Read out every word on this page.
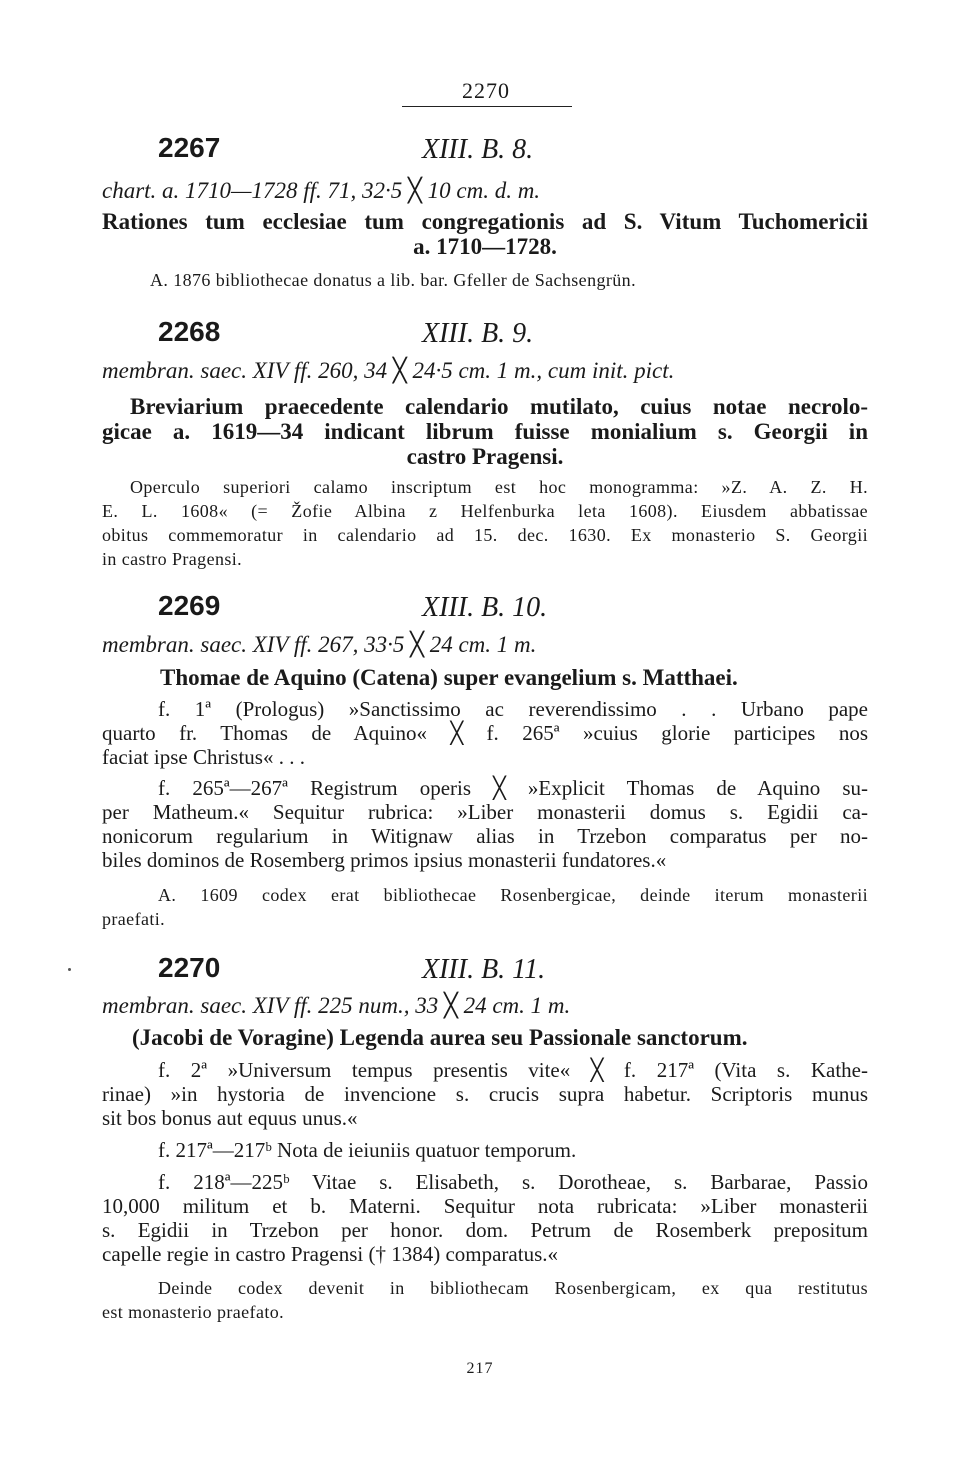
2270
2267	XIII. B. 8.
chart. a. 1710—1728 ff. 71, 32·5 ╳ 10 cm. d. m.
Rationes tum ecclesiae tum congregationis ad S. Vitum Tuchomericii
a. 1710—1728.
A. 1876 bibliothecae donatus a lib. bar. Gfeller de Sachsengrün.
2268	XIII. B. 9.
membran. saec. XIV ff. 260, 34 ╳ 24·5 cm. 1 m., cum init. pict.
Breviarium praecedente calendario mutilato, cuius notae necrolo-
gicae a. 1619—34 indicant librum fuisse monialium s. Georgii in
castro Pragensi.
Operculo superiori calamo inscriptum est hoc monogramma: »Z. A. Z. H.
E. L. 1608« (= Žofie Albina z Helfenburka leta 1608). Eiusdem abbatissae
obitus commemoratur in calendario ad 15. dec. 1630. Ex monasterio S. Georgii
in castro Pragensi.
2269	XIII. B. 10.
membran. saec. XIV ff. 267, 33·5 ╳ 24 cm. 1 m.
Thomae de Aquino (Catena) super evangelium s. Matthaei.
f. 1ª (Prologus) »Sanctissimo ac reverendissimo . . Urbano pape
quarto fr. Thomas de Aquino« ╳ f. 265ª »cuius glorie participes nos
faciat ipse Christus« . . .
f. 265ª—267ª Registrum operis ╳ »Explicit Thomas de Aquino su-
per Matheum.« Sequitur rubrica: »Liber monasterii domus s. Egidii ca-
nonicorum regularium in Witignaw alias in Trzebon comparatus per no-
biles dominos de Rosemberg primos ipsius monasterii fundatores.«
A. 1609 codex erat bibliothecae Rosenbergicae, deinde iterum monasterii
praefati.
2270	XIII. B. 11.
membran. saec. XIV ff. 225 num., 33 ╳ 24 cm. 1 m.
(Jacobi de Voragine) Legenda aurea seu Passionale sanctorum.
f. 2ª »Universum tempus presentis vite« ╳ f. 217ª (Vita s. Kathe-
rinae) »in hystoria de invencione s. crucis supra habetur. Scriptoris munus
sit bos bonus aut equus unus.«
f. 217ª—217ᵇ Nota de ieiuniis quatuor temporum.
f. 218ª—225ᵇ Vitae s. Elisabeth, s. Dorotheae, s. Barbarae, Passio
10,000 militum et b. Materni. Sequitur nota rubricata: »Liber monasterii
s. Egidii in Trzebon per honor. dom. Petrum de Rosemberk prepositum
capelle regie in castro Pragensi († 1384) comparatus.«
Deinde codex devenit in bibliothecam Rosenbergicam, ex qua restitutus
est monasterio praefato.
217
